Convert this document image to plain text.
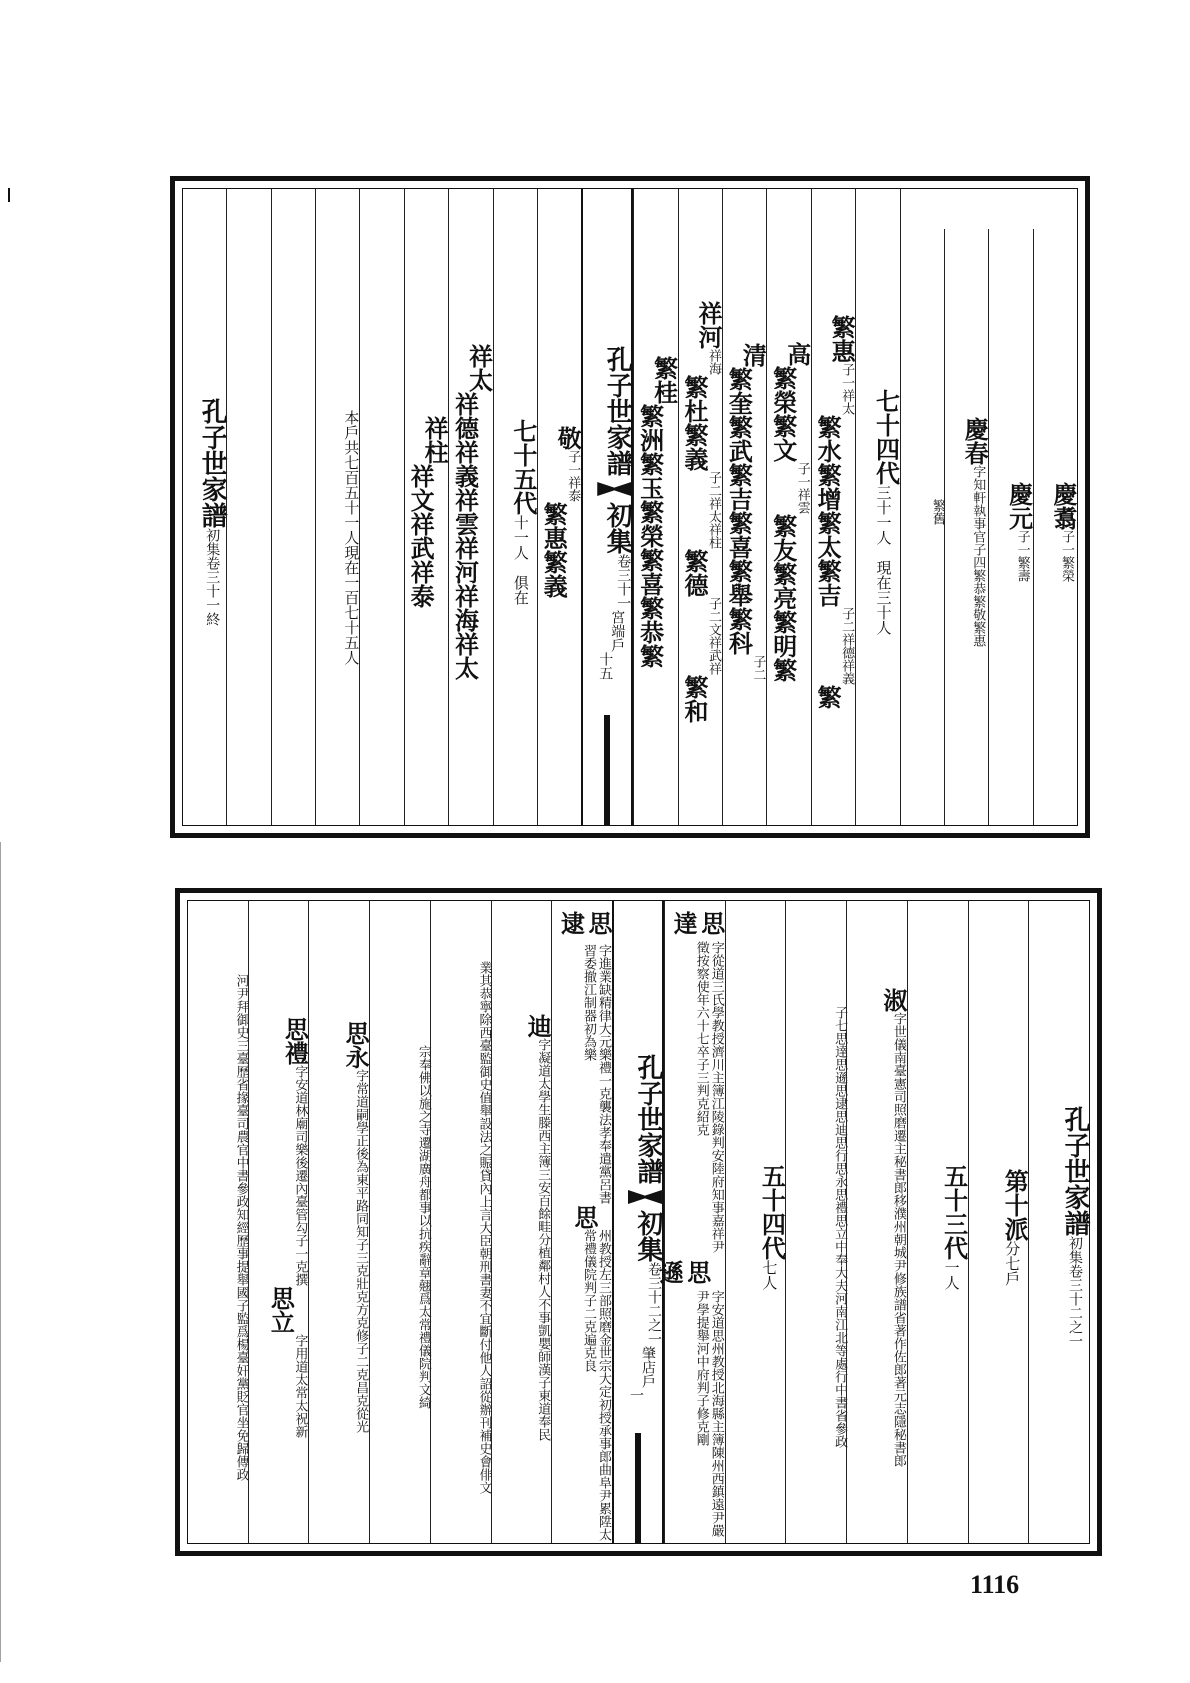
慶翥
子一繁榮
慶元
子一繁壽
慶春
字知軒執事官子四繁恭繁敬繁惠
繁舊
七十四代
三十一人　現在三十人
繁惠
子一祥太
繁水
繁增
繁太
繁吉
子二祥德祥義
繁
高
繁榮
繁文
子一祥雲
繁友
繁亮
繁明
繁
清
繁奎
繁武
繁吉
繁喜
繁舉
繁科
子二
祥河
祥海
繁杜
繁義
子二祥太祥柱
繁德
子二文祥武祥
繁和
繁桂
繁洲
繁玉
繁榮
繁喜
繁恭
繁
孔子世家譜
初集
卷三十一
宮端戶
十五
敬
子一祥泰
繁惠
繁義
七十五代
十一人　俱在
祥太
祥德
祥義
祥雲
祥河
祥海
祥太
祥柱
祥文
祥武
祥泰
本戶共七百五十一人
現在一百七十五人
孔子世家譜
初集卷三十一終
孔子世家譜
初集卷三十二之一
第十派
分七戶
五十三代
一人
淑
字世儀南臺憲司照磨遷主秘書郎移濮州朝城尹修族譜省著作佐郎著元志隱秘書郎
子七思達思遜思逮思迪思行思永思禮思立
中奉大夫河南江北等處行中書省參政
五十四代
七人
思達
字從道三氏學教授濟川主簿江陵錄判安陸府知事嘉祥尹徵按察使年六十七卒子三判克紹克
思遜
字安道思州教授北海縣主簿陳州西鎮遠尹嚴尹學提舉河中府判子修克剛
孔子世家譜
初集
卷三十二之一
肇店戶
一
思逮
字進業缺精律大元樂禮一克襲法孝奉遣黨呂書習委撤江制器初為樂
思
州教授左三部照磨金世宗大定初授承事郎曲阜尹累陞太常禮儀院判子二克遍克良
迪
字凝道太學生滕西主簿三安百餘畦分植鄰村人不事凱嬰師漢子東道奉民
業其恭寧除西臺監御史值舉設法之賑貸內上言大臣朝刑書妻不宜斷付他人詔從辦刊補史會俳文
宗奉佛以施之寺遷湖廣舟都事以抗疾辭章翹爲太常禮儀院判文綺
思永
字常道嗣學正後為東平路同知子三克壯克方克修子二克昌克從光
思禮
字安道林廟司樂後遷內臺管勾子一克撰
思立
字用道太常太祝新
河尹拜御史三臺歷省掾臺司農官中書參政
知經歷事提舉國子監爲楊臺奸黨貶官坐免歸傳政
1116
